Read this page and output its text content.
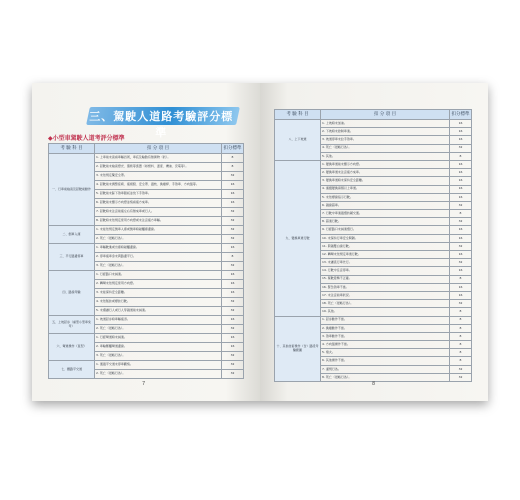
三、駕駛人道路考驗評分標準
◆小型車駕駛人道考評分標準
考 驗 科 目	扣 分 項 目	扣分標準
一、行車前檢查及起駛前動作	1. 上車前未查看車輛四周，車底及輪胎有無異物（狀）。	8
	2. 起駛前未檢查燈光、儀錶等裝置（如燃料、溫度、機油、充電等）。	8
	3. 未依規定繫安全帶。	32
	4. 起駛前未調整座椅、後視鏡、安全帶、頭枕、換檔桿、手煞車、方向盤等。	16
	5. 起駛前未踩下煞車踏板並放下手煞車。	16
	6. 起駛前未顯示方向燈並察看後方來車。	16
	7. 起駛時未注意前後左右有無來車或行人。	32
	8. 起駛時未依規定使用方向燈或未注意後方車輛。	32
二、倒車入庫	1. 未能依規定倒車入庫或倒車時碰觸庫邊線。	32
	2. 死亡（侵略行為）。	32
三、平行路邊停車	1. 車輛駛進或出庫時碰觸邊線。	16
	2. 停車後車身未與路邊平行。	8
	3. 死亡（侵略行為）。	32
四、路線考驗	1. 行經路口未減速。	16
	2. 轉彎未依規定使用方向燈。	16
	3. 未能保持安全距離。	16
	4. 未依號誌或標誌行駛。	32
	5. 未禮讓行人或行人穿越道前未減速。	32
五、上坡起步（重型小型車免考）	1. 坡道起步時車輛後退。	16
	2. 死亡（侵略行為）。	32
六、彎道操作（直型）	1. 行經彎道時未減速。	16
	2. 車輪壓觸彎道邊線。	16
	3. 死亡（侵略行為）。	32
七、鐵路平交道	1. 通過平交道未停車觀察。	32
	2. 死亡（侵略行為）。	32
7
考 驗 科 目	扣 分 項 目	扣分標準
八、上下坡道	1. 上坡時未加油。	16
	2. 下坡時未控制車速。	16
	3. 坡道停車未拉手煞車。	16
	4. 死亡（侵略行為）。	32
	5. 其他。	8
九、變換車道行駛	1. 變換車道前未顯示方向燈。	16
	2. 變換車道未注意後方來車。	16
	3. 變換車道時未保持安全距離。	16
	4. 連續變換兩個以上車道。	16
	5. 未依標線指示行駛。	16
	6. 越線超車。	32
	7. 行駛中車速過慢妨礙交通。	8
	8. 超速行駛。	32
	9. 行經路口未減速慢行。	16
	10. 未保持行車安全間隔。	16
	11. 跨越雙白線行駛。	32
	12. 轉彎未依規定車道行駛。	16
	13. 未讓直行車先行。	32
	14. 行駛中任意停車。	16
	15. 駕駛姿勢不正確。	8
	16. 緊急煞車不當。	16
	17. 未注意前車狀況。	16
	18. 死亡（侵略行為）。	32
	19. 其他。	8
十、其他技術操作（含）路段考驗範圍	1. 起步動作不當。	8
	2. 換檔動作不當。	8
	3. 煞車動作不當。	8
	4. 方向盤操作不當。	8
	5. 熄火。	8
	6. 其他操作不當。	8
	7. 違規行為。	32
	8. 死亡（侵略行為）。	32
8
